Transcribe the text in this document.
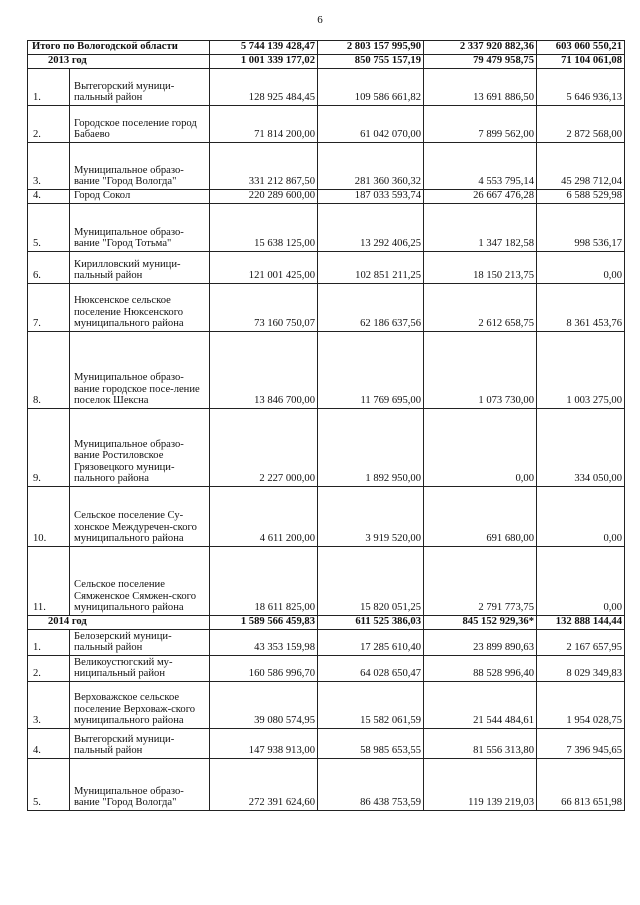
6
Итого по Вологодской области		5 744 139 428,47	2 803 157 995,90	2 337 920 882,36	603 060 550,21
2013 год		1 001 339 177,02	850 755 157,19	79 479 958,75	71 104 061,08
1.	Вытегорский муници-пальный район	128 925 484,45	109 586 661,82	13 691 886,50	5 646 936,13
2.	Городское поселение город Бабаево	71 814 200,00	61 042 070,00	7 899 562,00	2 872 568,00
3.	Муниципальное образо-вание "Город Вологда"	331 212 867,50	281 360 360,32	4 553 795,14	45 298 712,04
4.	Город Сокол	220 289 600,00	187 033 593,74	26 667 476,28	6 588 529,98
5.	Муниципальное образо-вание "Город Тотьма"	15 638 125,00	13 292 406,25	1 347 182,58	998 536,17
6.	Кирилловский муници-пальный район	121 001 425,00	102 851 211,25	18 150 213,75	0,00
7.	Нюксенское сельское поселение Нюксенского муниципального района	73 160 750,07	62 186 637,56	2 612 658,75	8 361 453,76
8.	Муниципальное образо-вание городское посе-ление поселок Шексна	13 846 700,00	11 769 695,00	1 073 730,00	1 003 275,00
9.	Муниципальное образо-вание Ростиловское Грязовецкого муници-пального района	2 227 000,00	1 892 950,00	0,00	334 050,00
10.	Сельское поселение Су-хонское Междуречен-ского муниципального района	4 611 200,00	3 919 520,00	691 680,00	0,00
11.	Сельское поселение Сямженское Сямжен-ского муниципального района	18 611 825,00	15 820 051,25	2 791 773,75	0,00
2014 год		1 589 566 459,83	611 525 386,03	845 152 929,36*	132 888 144,44
1.	Белозерский муници-пальный район	43 353 159,98	17 285 610,40	23 899 890,63	2 167 657,95
2.	Великоустюгский му-ниципальный район	160 586 996,70	64 028 650,47	88 528 996,40	8 029 349,83
3.	Верховажское сельское поселение Верховаж-ского муниципального района	39 080 574,95	15 582 061,59	21 544 484,61	1 954 028,75
4.	Вытегорский муници-пальный район	147 938 913,00	58 985 653,55	81 556 313,80	7 396 945,65
5.	Муниципальное образо-вание "Город Вологда"	272 391 624,60	86 438 753,59	119 139 219,03	66 813 651,98
